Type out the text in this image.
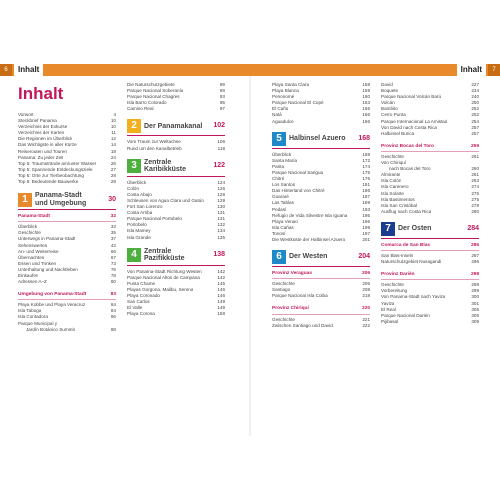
6	Inhalt	Inhalt	7
Inhalt
Vorwort	4
Steckbrief Panama	10
Verzeichnis der Exkurse	10
Verzeichnis der Karten	11
Die Regionen im Überblick	12
Das Wichtigste in aller Kürze	14
Reiserouten und Touren	18
Panama: Zu jeder Zeit	24
Top 5: Traumstrände am/unter Wasser	26
Top 5: Spannende Entdeckungsziele	27
Top 5: Orte zur Tierbeobachtung	28
Top 5: Bedeutende Bauwerke	29
1	Panama-Stadt
und Umgebung
30
Panama-Stadt	32
Überblick	33
Geschichte	35
Unterwegs in Panama-Stadt	37
Sehenswertes	42
An- und Weiterreise	66
Übernachten	67
Essen und Trinken	73
Unterhaltung und Nachtleben	76
Einkaufen	78
Adressen A–Z	80
Umgebung von Panama-Stadt	83
Playa Kobbe und Playa Veracruz	84
Isla Taboga	84
Isla Contadora	86
Parque Municipal y
Jardín Botánico Summit	88
Die Naturschutzgebiete	89
Parque Nacional Soberanía	89
Parque Nacional Chagres	93
Isla Barro Colorado	95
Camino Real	97
2	Der Panamakanal	102
Vom Traum zur Weltachse	106
Rund um den Kanalbetrieb	118
3	Zentrale
Karibikküste
122
Überblick	124
Colón	126
Costa Abajo	129
Schleusen von Agua Clara und Gatún	129
Fort San Lorenzo	130
Costa Arriba	131
Parque Nacional Portobelo	131
Portobelo	132
Isla Mamey	134
Isla Grande	135
4	Zentrale
Pazifikküste
138
Von Panama-Stadt Richtung Westen	142
Parque Nacional Altos de Campana	142
Punta Chame	145
Playas Gorgona, Malibu, Serena	146
Playa Coronado	146
San Carlos	149
El Valle	149
Playa Corona	158
Playa Santa Clara	158
Playa Blanca	159
Penonomé	160
Parque Nacional El Copé	163
El Caño	165
Natá	166
Aguadulce	166
5	Halbinsel Azuero	168
Überblick	169
Santa María	172
Parita	174
Parque Nacional Sarigua	175
Chitré	176
Los Santos	181
Das Hinterland von Chitré	186
Guararé	187
Las Tablas	189
Pedasí	193
Refugio de Vida Silvestre Isla Iguana	195
Playa Venao	196
Isla Cañas	199
Tonosí	197
Die Westküste der Halbinsel Azuero	201
6	Der Westen	204
Provinz Veraguas	206
Geschichte	206
Santiago	208
Parque Nacional Isla Coiba	218
Provinz Chiriquí	220
Geschichte	221
Zwischen Santiago und David	222
David	227
Boquete	234
Parque Nacional Volcán Barú	240
Volcán	250
Bambito	252
Cerro Punta	252
Parque Internacional La Amistad	254
Von David nach Costa Rica	257
Halbinsel Burica	257
Provinz Bocas del Toro	259
Geschichte	261
Von Chiriquí
nach Bocas del Toro	260
Almirante	261
Isla Colón	263
Isla Carenero	274
Isla Solarte	275
Isla Bastimentos	275
Isla San Cristóbal	278
Ausflug nach Costa Rica	280
7	Der Osten	284
Comarca de San Blas	286
San Blas-Inseln	287
Naturschutzgebiet Nusagandi	296
Provinz Darién	298
Geschichte	298
Vorbereitung	299
Von Panama-Stadt nach Yaviza	300
Yaviza	301
El Real	305
Parque Nacional Darién	306
Pijibasal	309
